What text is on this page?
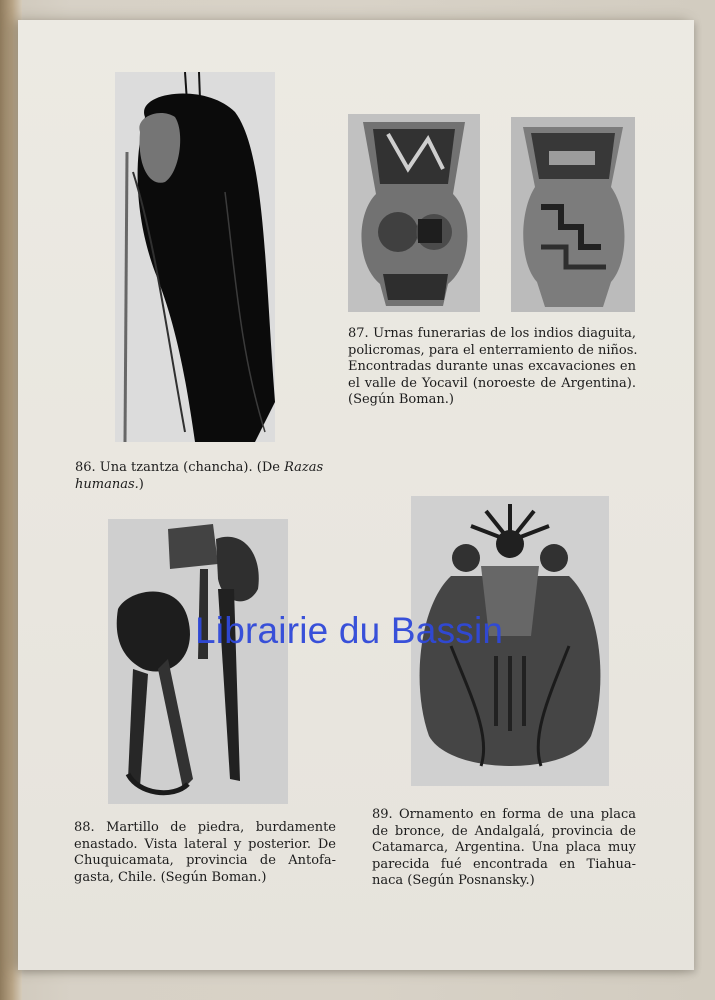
87. Urnas funerarias de los indios diaguita,
policromas, para el enterramiento de niños.
Encontradas durante unas excavaciones en
el valle de Yocavil (noroeste de Argentina).
(Según Boman.)
86. Una tzantza (chancha). (De Razas
humanas.)
88. Martillo de piedra, burdamente
enastado. Vista lateral y posterior. De
Chuquicamata, provincia de Antofa-
gasta, Chile. (Según Boman.)
89. Ornamento en forma de una placa
de bronce, de Andalgalá, provincia de
Catamarca, Argentina. Una placa muy
parecida fué encontrada en Tiahua-
naca (Según Posnansky.)
Librairie du Bassin
